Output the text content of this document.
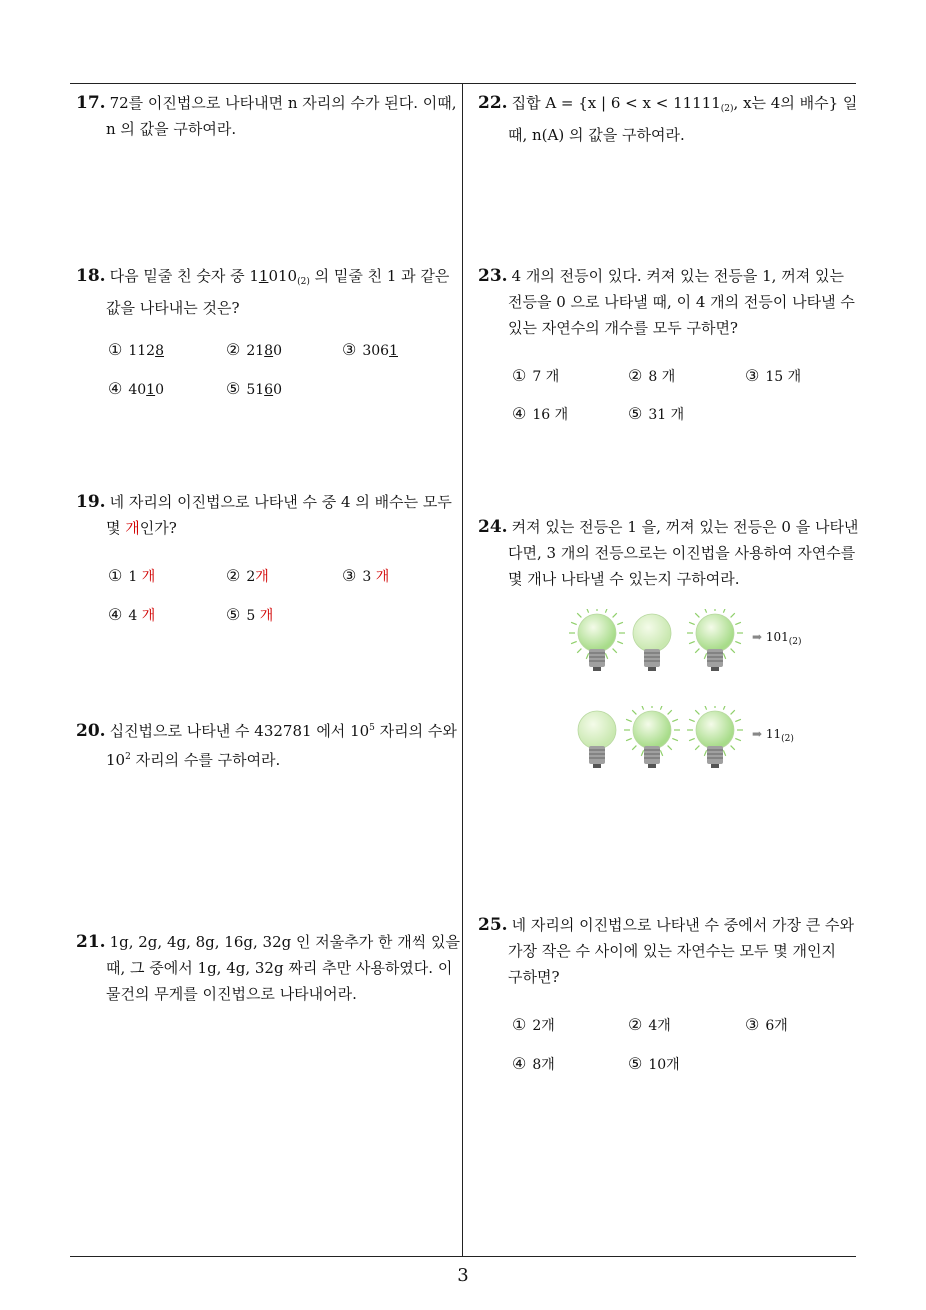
17. 72를 이진법으로 나타내면 n 자리의 수가 된다. 이때,
n 의 값을 구하여라.
18. 다음 밑줄 친 숫자 중 $11010_{(2)}$ 의 밑줄 친 1 과 같은
값을 나타내는 것은?
① 1128	② 2180	③ 3061
④ 4010	⑤ 5160
19. 네 자리의 이진법으로 나타낸 수 중 4 의 배수는 모두
몇 개인가?
① 1 개	② 2개	③ 3 개
④ 4 개	⑤ 5 개
20. 십진법으로 나타낸 수 432781 에서 $10^5$ 자리의 수와
$10^2$ 자리의 수를 구하여라.
21. 1g, 2g, 4g, 8g, 16g, 32g 인 저울추가 한 개씩 있을
때, 그 중에서 1g, 4g, 32g 짜리 추만 사용하였다. 이
물건의 무게를 이진법으로 나타내어라.
22. 집합 A = {x | $6 < x < 11111_{(2)}$, x는 4의 배수} 일
때, n(A) 의 값을 구하여라.
23. 4 개의 전등이 있다. 켜져 있는 전등을 1, 꺼져 있는
전등을 0 으로 나타낼 때, 이 4 개의 전등이 나타낼 수
있는 자연수의 개수를 모두 구하면?
① 7 개	② 8 개	③ 15 개
④ 16 개	⑤ 31 개
24. 켜져 있는 전등은 1 을, 꺼져 있는 전등은 0 을 나타낸
다면, 3 개의 전등으로는 이진법을 사용하여 자연수를
몇 개나 나타낼 수 있는지 구하여라.
➡ $101_{(2)}$
➡ $11_{(2)}$
25. 네 자리의 이진법으로 나타낸 수 중에서 가장 큰 수와
가장 작은 수 사이에 있는 자연수는 모두 몇 개인지
구하면?
① 2개	② 4개	③ 6개
④ 8개	⑤ 10개
3
